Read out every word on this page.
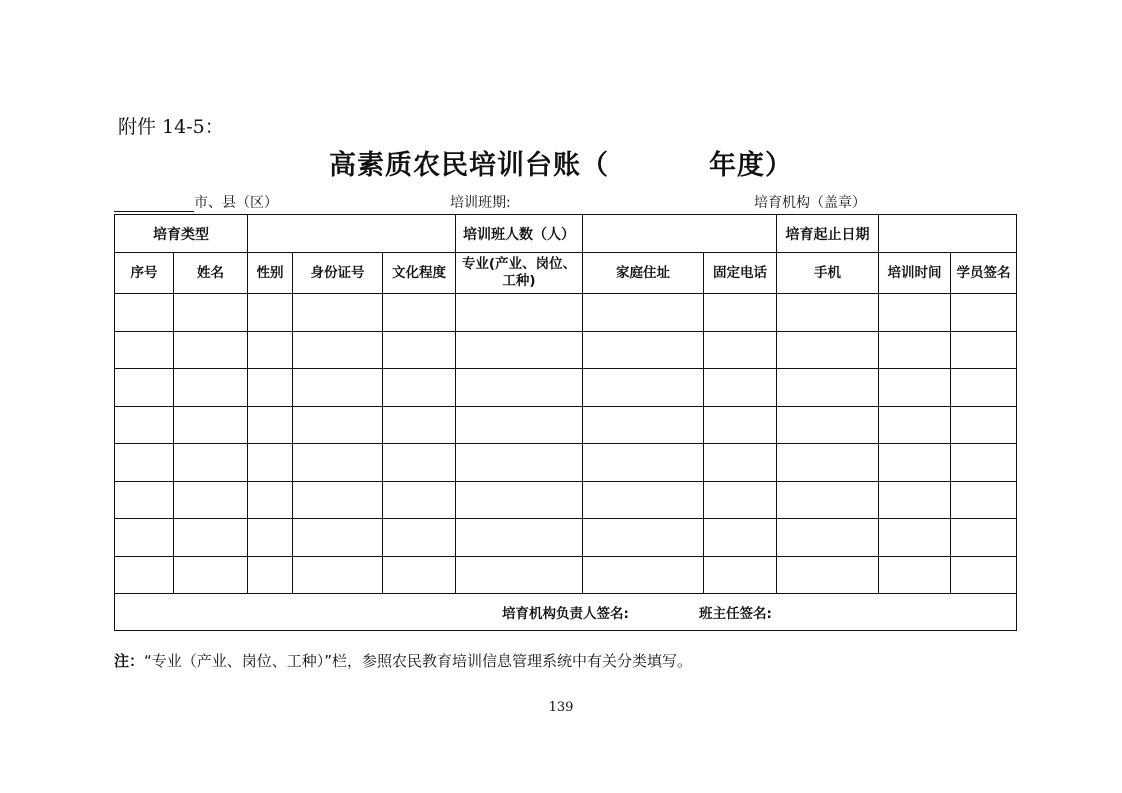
附件 14-5：
高素质农民培训台账（	年度）
市、县（区）	培训班期:	培育机构（盖章）
培育类型					培训班人数（人）			培育起止日期		
序号	姓名	性别	身份证号	文化程度	专业(产业、岗位、工种)	家庭住址	固定电话	手机	培训时间	学员签名

培育机构负责人签名: 班主任签名:										
注：“专业（产业、岗位、工种）”栏，参照农民教育培训信息管理系统中有关分类填写。
139
